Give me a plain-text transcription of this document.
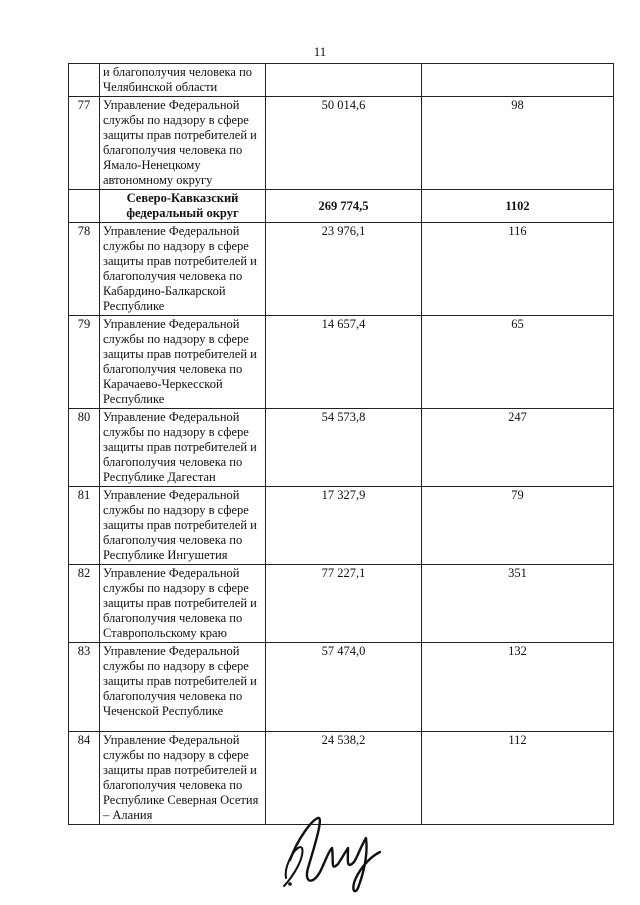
11
	и благополучия человека по Челябинской области		
77	Управление Федеральной службы по надзору в сфере защиты прав потребителей и благополучия человека по Ямало-Ненецкому автономному округу	50 014,6	98
	Северо-Кавказский федеральный округ	269 774,5	1102
78	Управление Федеральной службы по надзору в сфере защиты прав потребителей и благополучия человека по Кабардино-Балкарской Республике	23 976,1	116
79	Управление Федеральной службы по надзору в сфере защиты прав потребителей и благополучия человека по Карачаево-Черкесской Республике	14 657,4	65
80	Управление Федеральной службы по надзору в сфере защиты прав потребителей и благополучия человека по Республике Дагестан	54 573,8	247
81	Управление Федеральной службы по надзору в сфере защиты прав потребителей и благополучия человека по Республике Ингушетия	17 327,9	79
82	Управление Федеральной службы по надзору в сфере защиты прав потребителей и благополучия человека по Ставропольскому краю	77 227,1	351
83	Управление Федеральной службы по надзору в сфере защиты прав потребителей и благополучия человека по Чеченской Республике	57 474,0	132
84	Управление Федеральной службы по надзору в сфере защиты прав потребителей и благополучия человека по Республике Северная Осетия – Алания	24 538,2	112
